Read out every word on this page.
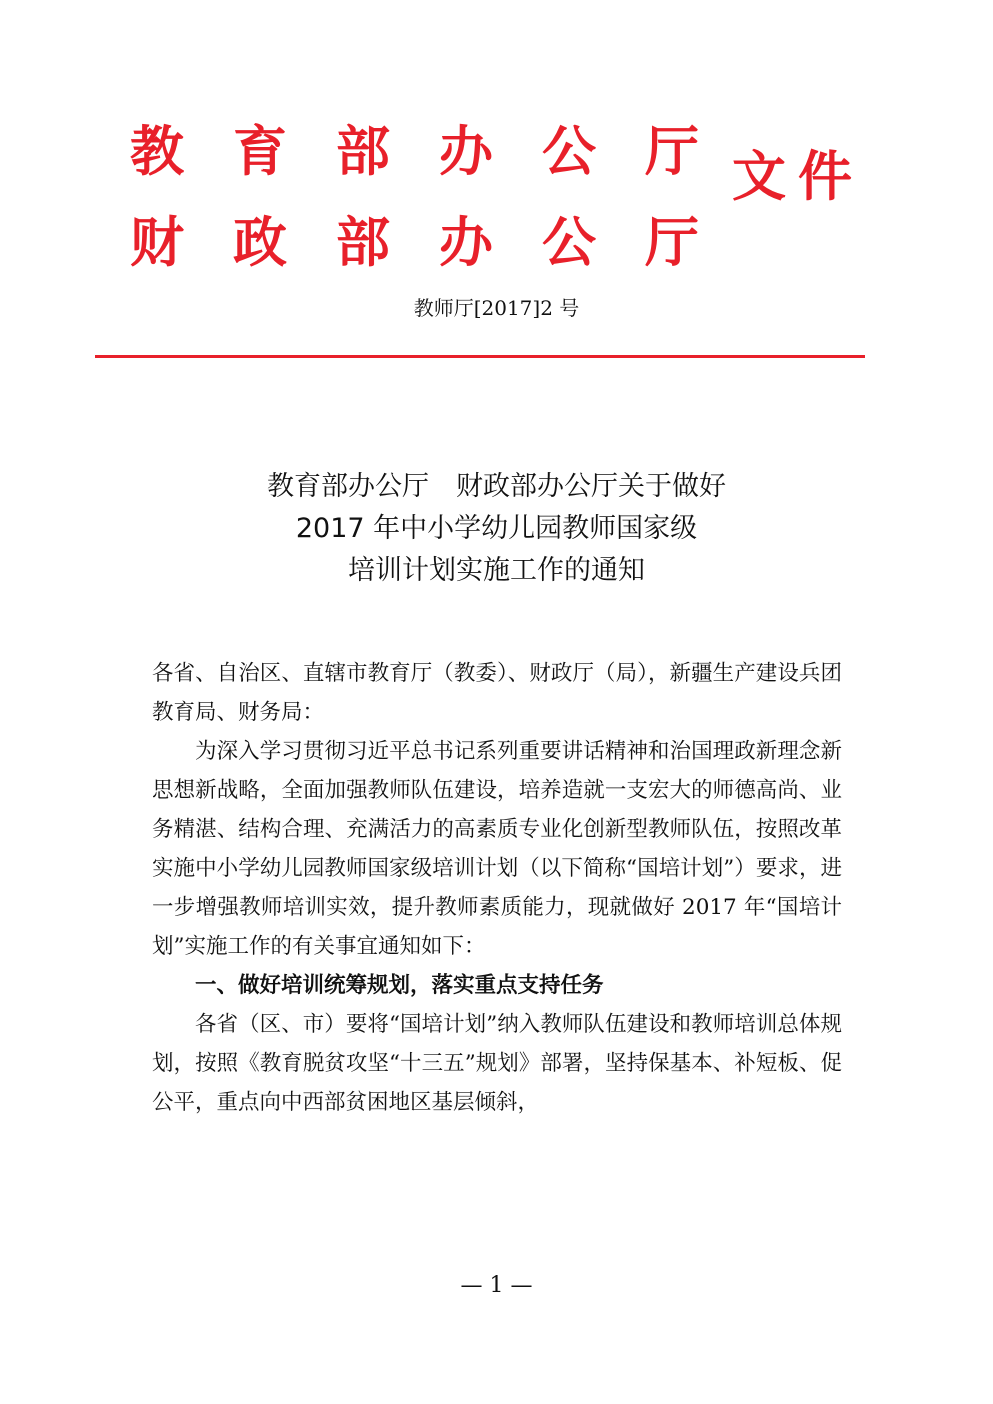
教育部办公厅
财政部办公厅
文件
教师厅[2017]2 号
教育部办公厅　财政部办公厅关于做好
2017 年中小学幼儿园教师国家级
培训计划实施工作的通知

各省、自治区、直辖市教育厅（教委）、财政厅（局），新疆生产建设兵团教育局、财务局：

为深入学习贯彻习近平总书记系列重要讲话精神和治国理政新理念新思想新战略，全面加强教师队伍建设，培养造就一支宏大的师德高尚、业务精湛、结构合理、充满活力的高素质专业化创新型教师队伍，按照改革实施中小学幼儿园教师国家级培训计划（以下简称“国培计划”）要求，进一步增强教师培训实效，提升教师素质能力，现就做好 2017 年“国培计划”实施工作的有关事宜通知如下：

一、做好培训统筹规划，落实重点支持任务

各省（区、市）要将“国培计划”纳入教师队伍建设和教师培训总体规划，按照《教育脱贫攻坚“十三五”规划》部署，坚持保基本、补短板、促公平，重点向中西部贫困地区基层倾斜，

— 1 —
